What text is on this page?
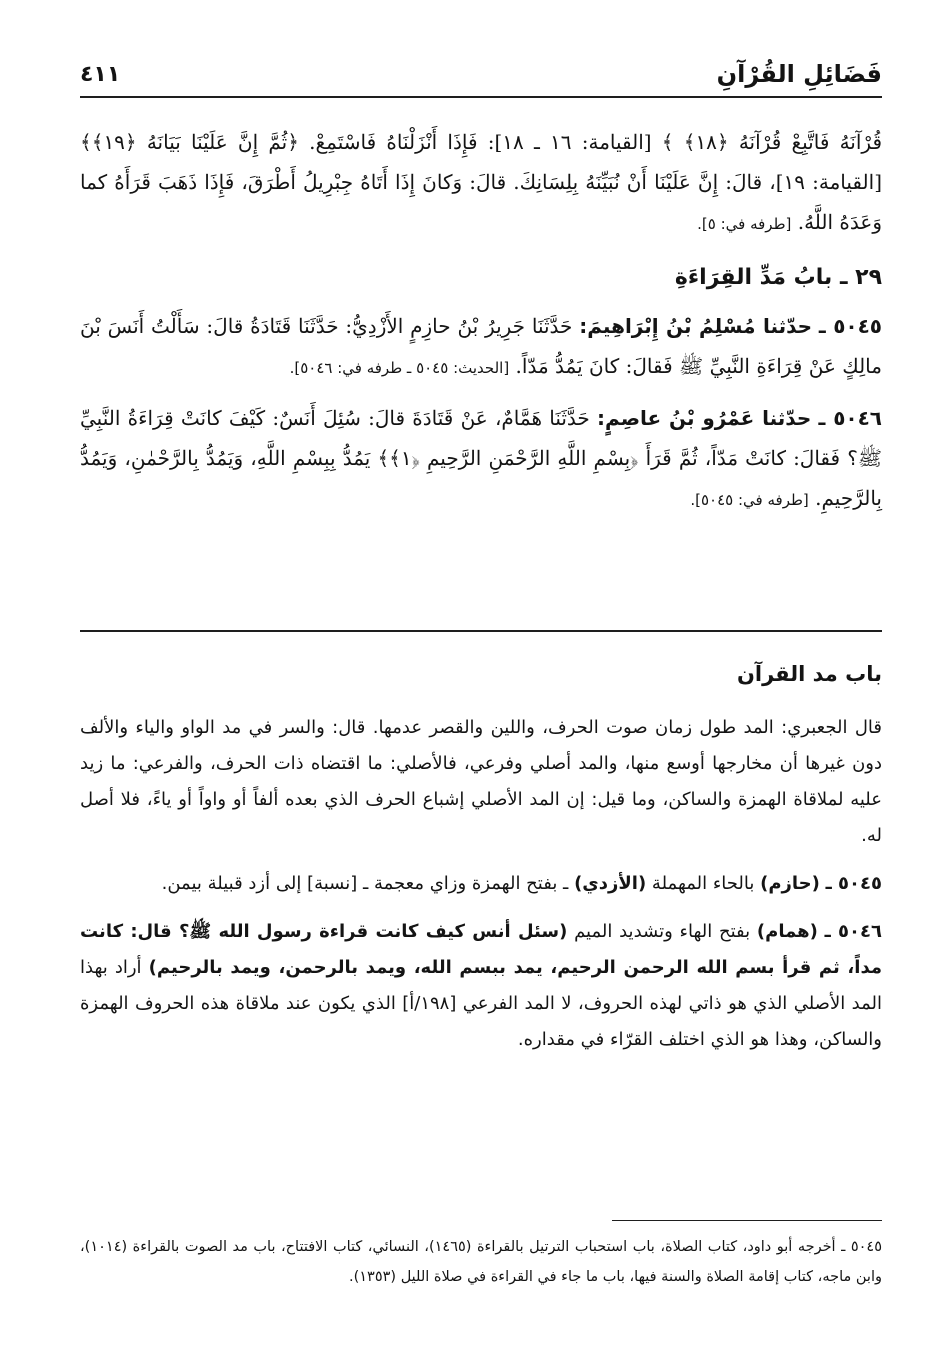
فَضَائِلِ القُرْآنِ
٤١١

قُرْآنَهُ فَاتَّبِعْ قُرْآنَهُ ﴿١٨﴾ ﴾ [القيامة: ١٦ ـ ١٨]: فَإِذَا أَنْزَلْنَاهُ فَاسْتَمِعْ. ﴿ثُمَّ إِنَّ عَلَيْنَا بَيَانَهُ ﴿١٩﴾﴾ [القيامة: ١٩]، قالَ: إِنَّ عَلَيْنَا أَنْ نُبَيِّنَهُ بِلِسَانِكَ. قالَ: وَكانَ إِذَا أَتَاهُ جِبْرِيلُ أَطْرَقَ، فَإِذَا ذَهَبَ قَرَأَهُ كما وَعَدَهُ اللَّهُ. [طرفه في: ٥].

٢٩ ـ بابُ مَدِّ القِرَاءَةِ

٥٠٤٥ ـ حدّثنا مُسْلِمُ بْنُ إِبْرَاهِيمَ: حَدَّثَنَا جَرِيرُ بْنُ حازِمٍ الأَزْدِيُّ: حَدَّثَنَا قَتَادَةُ قالَ: سَأَلْتُ أَنَسَ بْنَ مالِكٍ عَنْ قِرَاءَةِ النَّبِيِّ ﷺ فَقالَ: كانَ يَمُدُّ مَدّاً. [الحديث: ٥٠٤٥ ـ طرفه في: ٥٠٤٦].

٥٠٤٦ ـ حدّثنا عَمْرُو بْنُ عاصِمٍ: حَدَّثَنَا هَمَّامٌ، عَنْ قَتَادَةَ قالَ: سُئِلَ أَنَسٌ: كَيْفَ كانَتْ قِرَاءَةُ النَّبِيِّ ﷺ؟ فَقالَ: كانَتْ مَدّاً، ثُمَّ قَرَأَ ﴿بِسْمِ اللَّهِ الرَّحْمَنِ الرَّحِيمِ ﴿١﴾﴾ يَمُدُّ بِبِسْمِ اللَّهِ، وَيَمُدُّ بِالرَّحْمٰنِ، وَيَمُدُّ بِالرَّحِيمِ. [طرفه في: ٥٠٤٥].

باب مد القرآن

قال الجعبري: المد طول زمان صوت الحرف، واللين والقصر عدمها. قال: والسر في مد الواو والياء والألف دون غيرها أن مخارجها أوسع منها، والمد أصلي وفرعي، فالأصلي: ما اقتضاه ذات الحرف، والفرعي: ما زيد عليه لملاقاة الهمزة والساكن، وما قيل: إن المد الأصلي إشباع الحرف الذي بعده ألفاً أو واواً أو ياءً، فلا أصل له.

٥٠٤٥ ـ (حازم) بالحاء المهملة (الأزدي) ـ بفتح الهمزة وزاي معجمة ـ [نسبة] إلى أزد قبيلة بيمن.

٥٠٤٦ ـ (همام) بفتح الهاء وتشديد الميم (سئل أنس كيف كانت قراءة رسول الله ﷺ؟ قال: كانت مداً، ثم قرأ بسم الله الرحمن الرحيم، يمد ببسم الله، ويمد بالرحمن، ويمد بالرحيم) أراد بهذا المد الأصلي الذي هو ذاتي لهذه الحروف، لا المد الفرعي [١٩٨/أ] الذي يكون عند ملاقاة هذه الحروف الهمزة والساكن، وهذا هو الذي اختلف القرّاء في مقداره.

٥٠٤٥ ـ أخرجه أبو داود، كتاب الصلاة، باب استحباب الترتيل بالقراءة (١٤٦٥)، النسائي، كتاب الافتتاح، باب مد الصوت بالقراءة (١٠١٤)، وابن ماجه، كتاب إقامة الصلاة والسنة فيها، باب ما جاء في القراءة في صلاة الليل (١٣٥٣).
